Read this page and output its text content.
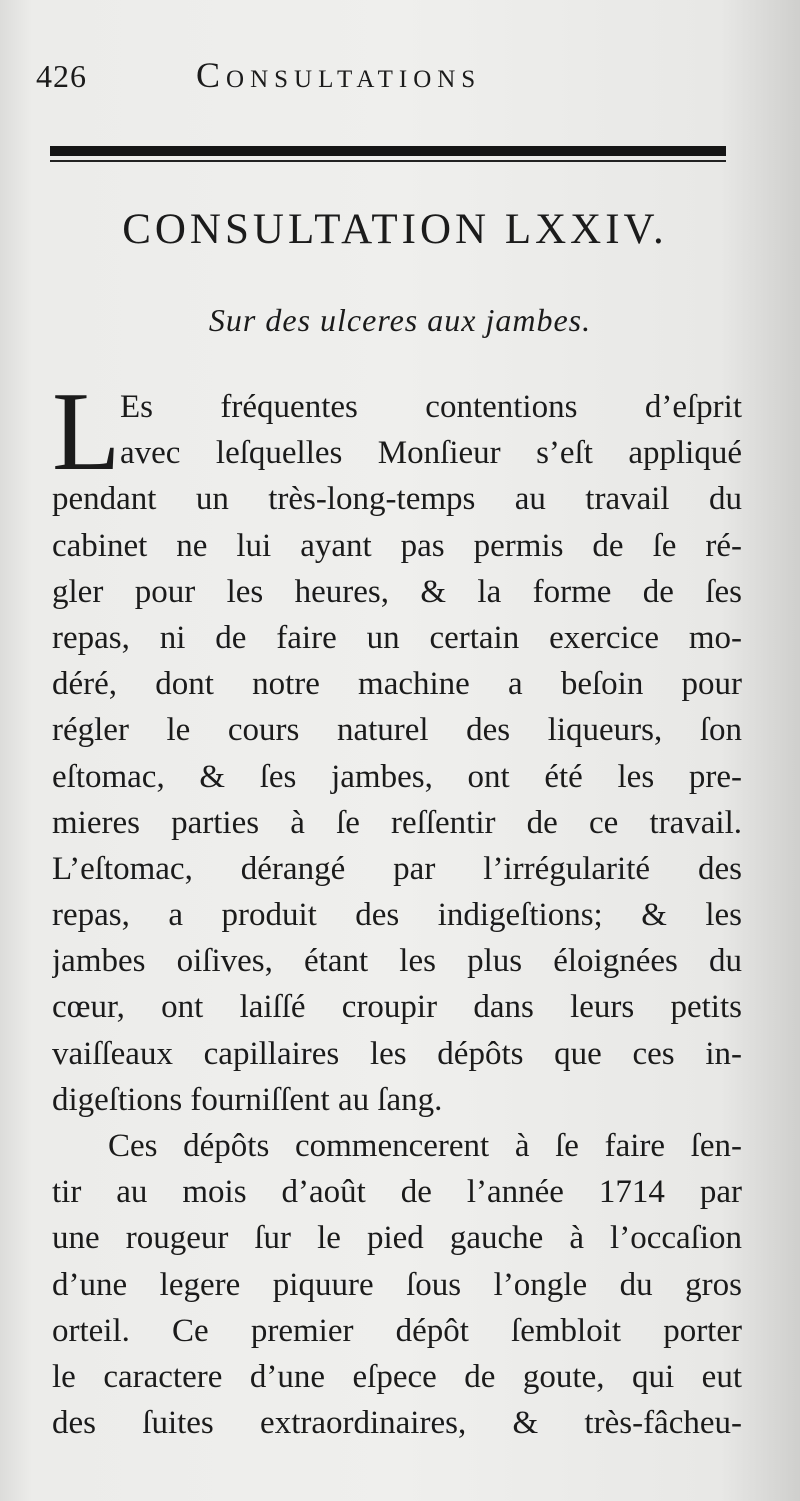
426	Consultations
CONSULTATION LXXIV.
Sur des ulceres aux jambes.
L Es fréquentes contentions d’eſprit
avec leſquelles Monſieur s’eſt appliqué
pendant un très-long-temps au travail du
cabinet ne lui ayant pas permis de ſe ré-
gler pour les heures, & la forme de ſes
repas, ni de faire un certain exercice mo-
déré, dont notre machine a beſoin pour
régler le cours naturel des liqueurs, ſon
eſtomac, & ſes jambes, ont été les pre-
mieres parties à ſe reſſentir de ce travail.
L’eſtomac, dérangé par l’irrégularité des
repas, a produit des indigeſtions; & les
jambes oiſives, étant les plus éloignées du
cœur, ont laiſſé croupir dans leurs petits
vaiſſeaux capillaires les dépôts que ces in-
digeſtions fourniſſent au ſang.
Ces dépôts commencerent à ſe faire ſen-
tir au mois d’août de l’année 1714 par
une rougeur ſur le pied gauche à l’occaſion
d’une legere piquure ſous l’ongle du gros
orteil. Ce premier dépôt ſembloit porter
le caractere d’une eſpece de goute, qui eut
des ſuites extraordinaires, & très-fâcheu-
